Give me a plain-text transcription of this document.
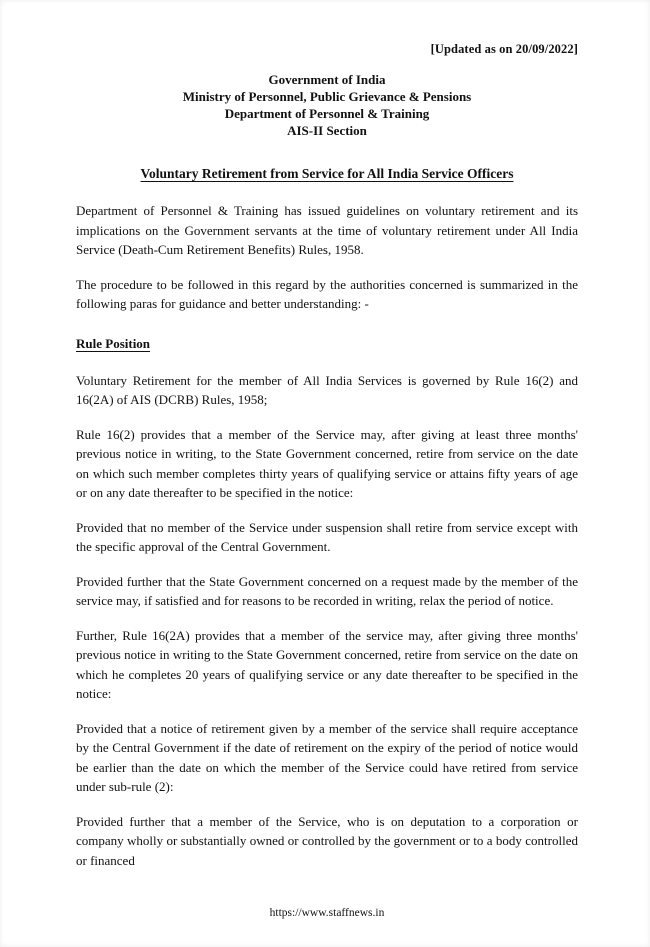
[Updated as on 20/09/2022]
Government of India
Ministry of Personnel, Public Grievance & Pensions
Department of Personnel & Training
AIS-II Section
Voluntary Retirement from Service for All India Service Officers

Department of Personnel & Training has issued guidelines on voluntary retirement and its implications on the Government servants at the time of voluntary retirement under All India Service (Death-Cum Retirement Benefits) Rules, 1958.

The procedure to be followed in this regard by the authorities concerned is summarized in the following paras for guidance and better understanding: -

Rule Position

Voluntary Retirement for the member of All India Services is governed by Rule 16(2) and 16(2A) of AIS (DCRB) Rules, 1958;

Rule 16(2) provides that a member of the Service may, after giving at least three months' previous notice in writing, to the State Government concerned, retire from service on the date on which such member completes thirty years of qualifying service or attains fifty years of age or on any date thereafter to be specified in the notice:

Provided that no member of the Service under suspension shall retire from service except with the specific approval of the Central Government.

Provided further that the State Government concerned on a request made by the member of the service may, if satisfied and for reasons to be recorded in writing, relax the period of notice.

Further, Rule 16(2A) provides that a member of the service may, after giving three months' previous notice in writing to the State Government concerned, retire from service on the date on which he completes 20 years of qualifying service or any date thereafter to be specified in the notice:

Provided that a notice of retirement given by a member of the service shall require acceptance by the Central Government if the date of retirement on the expiry of the period of notice would be earlier than the date on which the member of the Service could have retired from service under sub-rule (2):

Provided further that a member of the Service, who is on deputation to a corporation or company wholly or substantially owned or controlled by the government or to a body controlled or financed

https://www.staffnews.in
